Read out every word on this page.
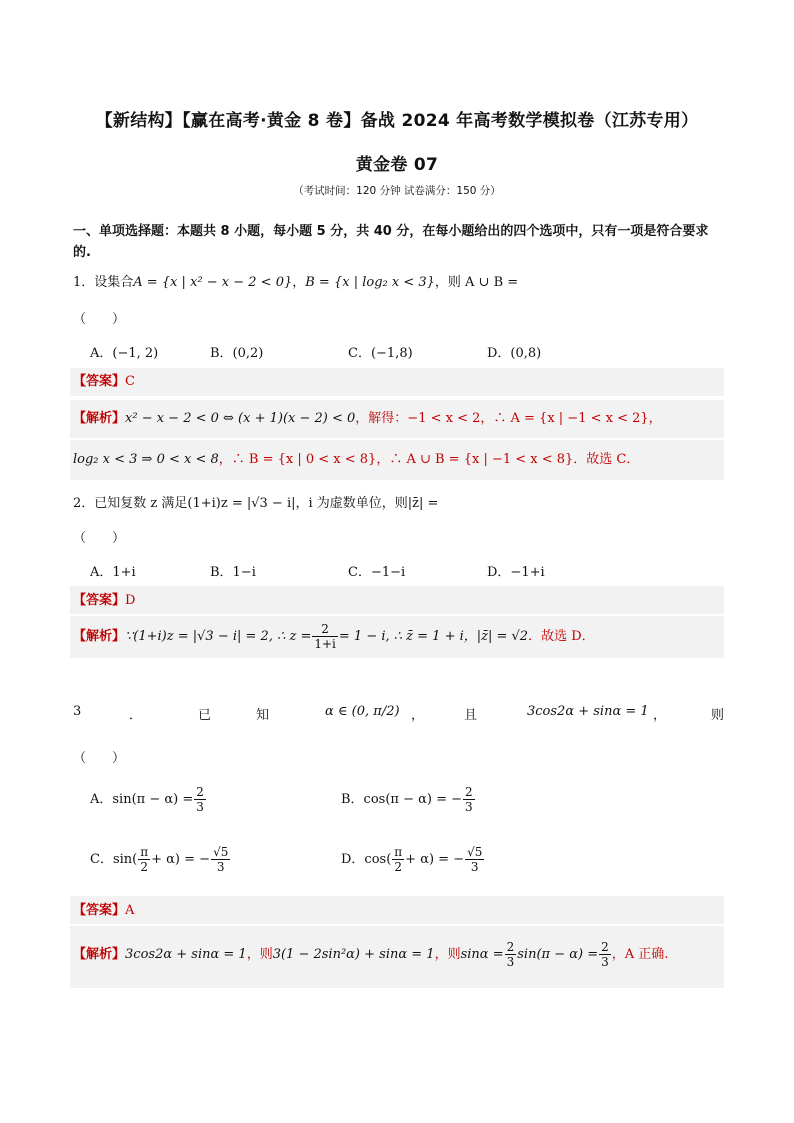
【新结构】【赢在高考·黄金 8 卷】备战 2024 年高考数学模拟卷（江苏专用）
黄金卷 07
（考试时间：120 分钟 试卷满分：150 分）
一、单项选择题：本题共 8 小题，每小题 5 分，共 40 分，在每小题给出的四个选项中，只有一项是符合要求的.
1．设集合A = {x | x² − x − 2 < 0}，B = {x | log₂ x < 3}，则 A ∪ B =
（　　）
A．(−1, 2)	B．(0,2)	C．(−1,8)	D．(0,8)
【答案】C
【解析】x² − x − 2 < 0 ⇔ (x + 1)(x − 2) < 0，解得：−1 < x < 2，∴ A = {x | −1 < x < 2}，
log₂ x < 3 ⇒ 0 < x < 8，∴ B = {x | 0 < x < 8}，∴ A ∪ B = {x | −1 < x < 8}．故选 C．
2．已知复数 z 满足(1+i)z = |√3 − i|，i 为虚数单位，则|z̄| =
（　　）
A．1+i	B．1−i	C．−1−i	D．−1+i
【答案】D
【解析】∵(1+i)z = |√3 − i| = 2, ∴ $z = \frac{2}{1+i} = 1 - i$, ∴ z̄ = 1 + i，|z̄| = √2．故选 D．
3	．	已	知	α ∈ (0, π/2) ，	且	3cos2α + sinα = 1 ，	则
（　　）
A．$\sin(\pi - \alpha) = \frac{2}{3}$	B．cos(π − α) = − $\frac{2}{3}$
C．$\sin( \frac{\pi}{2} + \alpha)$ = − $\frac{√5}{3}$	D．$\cos( \frac{\pi}{2} + \alpha)$ = − $\frac{√5}{3}$
【答案】A
【解析】3cos2α + sinα = 1，则3(1 − 2sin²α) + sinα = 1，则$\sin\alpha = \frac{2}{3} \sin(\pi - \alpha) = \frac{2}{3}$ ，A 正确.
